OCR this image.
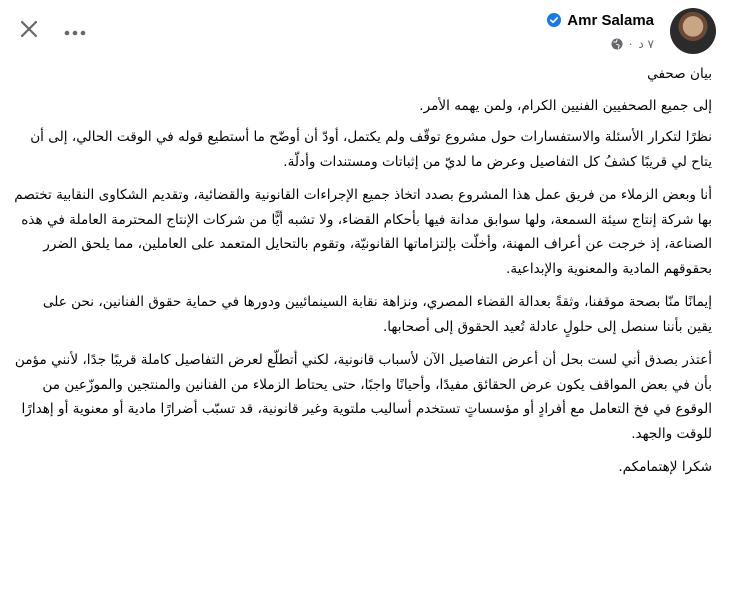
Amr Salama
· ٧ د

بيان صحفي

إلى جميع الصحفيين الفنيين الكرام، ولمن يهمه الأمر.

نظرًا لتكرار الأسئلة والاستفسارات حول مشروع توقّف ولم يكتمل، أودّ أن أوضّح ما أستطيع قوله في الوقت الحالي، إلى أن يتاح لي قريبًا كشفُ كل التفاصيل وعرض ما لديّ من إثباتات ومستندات وأدلّة.

أنا وبعض الزملاء من فريق عمل هذا المشروع بصدد اتخاذ جميع الإجراءات القانونية والقضائية، وتقديم الشكاوى النقابية تختصم بها شركة إنتاج سيئة السمعة، ولها سوابق مدانة فيها بأحكام القضاء، ولا تشبه أيًّا من شركات الإنتاج المحترمة العاملة في هذه الصناعة، إذ خرجت عن أعراف المهنة، وأخلّت بإلتزاماتها القانونيّة، وتقوم بالتحايل المتعمد على العاملين، مما يلحق الضرر بحقوقهم المادية والمعنوية والإبداعية.

إيمانًا منّا بصحة موقفنا، وثقةً بعدالة القضاء المصري، ونزاهة نقابة السينمائيين ودورها في حماية حقوق الفنانين، نحن على يقين بأننا سنصل إلى حلولٍ عادلة تُعيد الحقوق إلى أصحابها.

أعتذر بصدق أني لست بحل أن أعرض التفاصيل الآن لأسباب قانونية، لكني أتطلّع لعرض التفاصيل كاملة قريبًا جدًا، لأنني مؤمن بأن في بعض المواقف يكون عرض الحقائق مفيدًا، وأحيانًا واجبًا، حتى يحتاط الزملاء من الفنانين والمنتجين والموزّعين من الوقوع في فخ التعامل مع أفرادٍ أو مؤسساتٍ تستخدم أساليب ملتوية وغير قانونية، قد تسبّب أضرارًا مادية أو معنوية أو إهدارًا للوقت والجهد.

شكرا لإهتمامكم.
